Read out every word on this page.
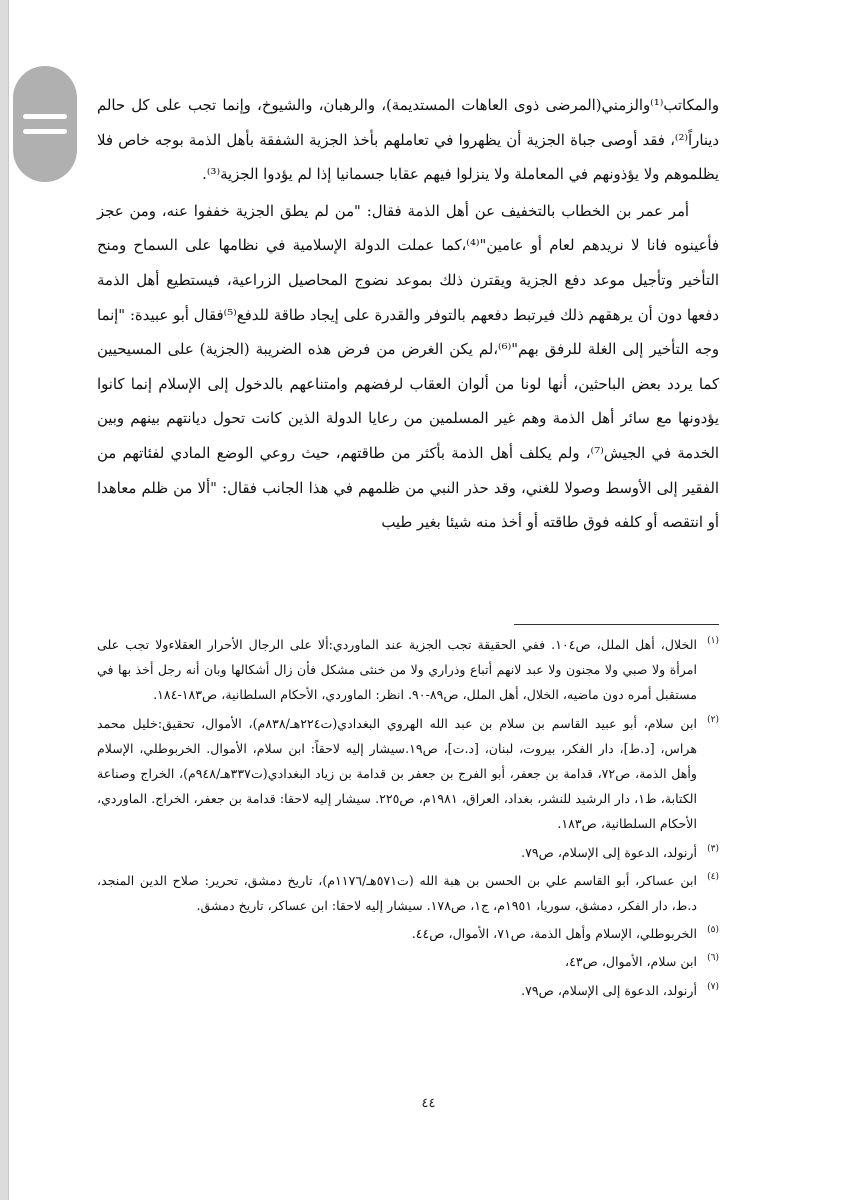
والمكاتب⁽¹⁾والزمني(المرضى ذوى العاهات المستديمة)، والرهبان، والشيوخ، وإنما تجب على كل حالم ديناراً⁽²⁾، فقد أوصى جباة الجزية أن يظهروا في تعاملهم بأخذ الجزية الشفقة بأهل الذمة بوجه خاص فلا يظلموهم ولا يؤذونهم في المعاملة ولا ينزلوا فيهم عقابا جسمانيا إذا لم يؤدوا الجزية⁽³⁾.

أمر عمر بن الخطاب بالتخفيف عن أهل الذمة فقال: "من لم يطق الجزية خففوا عنه، ومن عجز فأعينوه فانا لا نريدهم لعام أو عامين"⁽⁴⁾،كما عملت الدولة الإسلامية في نظامها على السماح ومنح التأخير وتأجيل موعد دفع الجزية ويقترن ذلك بموعد نضوج المحاصيل الزراعية، فيستطيع أهل الذمة دفعها دون أن يرهقهم ذلك فيرتبط دفعهم بالتوفر والقدرة على إيجاد طاقة للدفع⁽⁵⁾فقال أبو عبيدة: "إنما وجه التأخير إلى الغلة للرفق بهم"⁽⁶⁾،لم يكن الغرض من فرض هذه الضريبة (الجزية) على المسيحيين كما يردد بعض الباحثين، أنها لونا من ألوان العقاب لرفضهم وامتناعهم بالدخول إلى الإسلام إنما كانوا يؤدونها مع سائر أهل الذمة وهم غير المسلمين من رعايا الدولة الذين كانت تحول ديانتهم بينهم وبين الخدمة في الجيش⁽⁷⁾، ولم يكلف أهل الذمة بأكثر من طاقتهم، حيث روعي الوضع المادي لفئاتهم من الفقير إلى الأوسط وصولا للغني، وقد حذر النبي من ظلمهم في هذا الجانب فقال: "ألا من ظلم معاهدا أو انتقصه أو كلفه فوق طاقته أو أخذ منه شيئا بغير طيب

(١)
الخلال، أهل الملل، ص١٠٤. ففي الحقيقة تجب الجزية عند الماوردي:ألا على الرجال الأحرار العقلاءولا تجب على امرأة ولا صبي ولا مجنون ولا عبد لانهم أتباع وذراري ولا من خنثى مشكل فأن زال أشكالها وبان أنه رجل أخذ بها في مستقبل أمره دون ماضيه، الخلال، أهل الملل، ص٨٩-٩٠. انظر: الماوردي، الأحكام السلطانية، ص١٨٣-١٨٤.
(٢)
ابن سلام، أبو عبيد القاسم بن سلام بن عبد الله الهروي البغدادي(ت٢٢٤هـ/٨٣٨م)، الأموال، تحقيق:خليل محمد هراس، [د.ط]، دار الفكر، بيروت، لبنان، [د.ت]، ص١٩.سيشار إليه لاحقاً: ابن سلام، الأموال. الخربوطلي، الإسلام وأهل الذمة، ص٧٢، قدامة بن جعفر، أبو الفرج بن جعفر بن قدامة بن زياد البغدادي(ت٣٣٧هـ/٩٤٨م)، الخراج وصناعة الكتابة، ط١، دار الرشيد للنشر، بغداد، العراق، ١٩٨١م، ص٢٢٥. سيشار إليه لاحقا: قدامة بن جعفر، الخراج. الماوردي، الأحكام السلطانية، ص١٨٣.
(٣)
أرنولد، الدعوة إلى الإسلام، ص٧٩.
(٤)
ابن عساكر، أبو القاسم علي بن الحسن بن هبة الله (ت٥٧١هـ/١١٧٦م)، تاريخ دمشق، تحرير: صلاح الدين المنجد، د.ط، دار الفكر، دمشق، سوريا، ١٩٥١م، ج١، ص١٧٨. سيشار إليه لاحقا: ابن عساكر، تاريخ دمشق.
(٥)
الخربوطلي، الإسلام وأهل الذمة، ص٧١، الأموال، ص٤٤.
(٦)
ابن سلام، الأموال، ص٤٣،
(٧)
أرنولد، الدعوة إلى الإسلام، ص٧٩.
٤٤
